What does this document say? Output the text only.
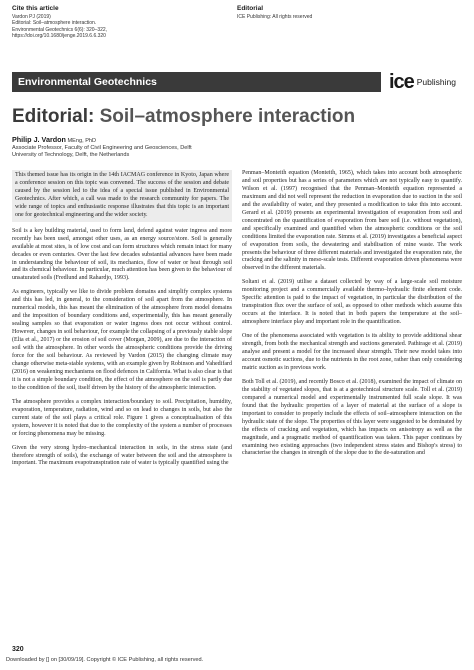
Cite this article
Vardon PJ (2019)
Editorial: Soil–atmosphere interaction.
Environmental Geotechnics 6(6): 320–322,
https://doi.org/10.1680/jenge.2019.6.6.320
Editorial
ICE Publishing: All rights reserved
Environmental Geotechnics	ice Publishing
Editorial: Soil–atmosphere interaction
Philip J. Vardon MEng, PhD
Associate Professor, Faculty of Civil Engineering and Geosciences, Delft
University of Technology, Delft, the Netherlands

This themed issue has its origin in the 14th IACMAG conference in Kyoto, Japan where a conference session on this topic was convened. The success of the session and debate caused by the session led to the idea of a special issue published in Environmental Geotechnics. After which, a call was made to the research community for papers. The wide range of topics and enthusiastic response illustrates that this topic is an important one for geotechnical engineering and the wider society.

Soil is a key building material, used to form land, defend against water ingress and more recently has been used, amongst other uses, as an energy source/store. Soil is generally available at most sites, is of low cost and can form structures which remain intact for many decades or even centuries. Over the last few decades substantial advances have been made in understanding the behaviour of soil, its mechanics, flow of water or heat through soil and its chemical behaviour. In particular, much attention has been given to the behaviour of unsaturated soils (Fredlund and Rahardjo, 1993).

As engineers, typically we like to divide problem domains and simplify complex systems and this has led, in general, to the consideration of soil apart from the atmosphere. In numerical models, this has meant the elimination of the atmosphere from model domains and the imposition of boundary conditions and, experimentally, this has meant generally sealing samples so that evaporation or water ingress does not occur without control. However, changes in soil behaviour, for example the collapsing of a previously stable slope (Elia et al., 2017) or the erosion of soil cover (Morgan, 2009), are due to the interaction of soil with the atmosphere. In other words the atmospheric conditions provide the driving force for the soil behaviour. As reviewed by Vardon (2015) the changing climate may change otherwise meta-stable systems, with an example given by Robinson and Vahedifard (2016) on weakening mechanisms on flood defences in California. What is also clear is that it is not a simple boundary condition, the effect of the atmosphere on the soil is partly due to the condition of the soil, itself driven by the history of the atmospheric interaction.

The atmosphere provides a complex interaction/boundary to soil. Precipitation, humidity, evaporation, temperature, radiation, wind and so on lead to changes in soils, but also the current state of the soil plays a critical role. Figure 1 gives a conceptualisation of this system, however it is noted that due to the complexity of the system a number of processes or forcing phenomena may be missing.

Given the very strong hydro–mechanical interaction in soils, in the stress state (and therefore strength of soils), the exchange of water between the soil and the atmosphere is important. The maximum evapotranspiration rate of water is typically quantified using the

Penman–Monteith equation (Monteith, 1965), which takes into account both atmospheric and soil properties but has a series of parameters which are not typically easy to quantify. Wilson et al. (1997) recognised that the Penman–Monteith equation represented a maximum and did not well represent the reduction in evaporation due to suction in the soil and the availability of water, and they presented a modification to take this into account. Gerard et al. (2019) presents an experimental investigation of evaporation from soil and concentrated on the quantification of evaporation from bare soil (i.e. without vegetation), and specifically examined and quantified when the atmospheric conditions or the soil conditions limited the evaporation rate. Simms et al. (2019) investigates a beneficial aspect of evaporation from soils, the dewatering and stabilisation of mine waste. The work presents the behaviour of three different materials and investigated the evaporation rate, the cracking and the salinity in meso-scale tests. Different evaporation driven phenomena were observed in the different materials.

Soltani et al. (2019) utilise a dataset collected by way of a large-scale soil moisture monitoring project and a commercially available thermo–hydraulic finite element code. Specific attention is paid to the impact of vegetation, in particular the distribution of the transpiration flux over the surface of soil, as opposed to other methods which assume this occurs at the interface. It is noted that in both papers the temperature at the soil–atmosphere interface play and important role in the quantification.

One of the phenomena associated with vegetation is its ability to provide additional shear strength, from both the mechanical strength and suctions generated. Pathirage et al. (2019) analyse and present a model for the increased shear strength. Their new model takes into account osmotic suctions, due to the nutrients in the root zone, rather than only considering matric suction as in previous work.

Both Toll et al. (2019), and recently Bosco et al. (2018), examined the impact of climate on the stability of vegetated slopes, that is at a geotechnical structure scale. Toll et al. (2019) compared a numerical model and experimentally instrumented full scale slope. It was found that the hydraulic properties of a layer of material at the surface of a slope is important to consider to properly include the effects of soil–atmosphere interaction on the hydraulic state of the slope. The properties of this layer were suggested to be dominated by the effects of cracking and vegetation, which has impacts on anisotropy as well as the magnitude, and a pragmatic method of quantification was taken. This paper continues by examining two existing approaches (two independent stress states and Bishop's stress) to characterise the changes in strength of the slope due to the de-saturation and

320
Downloaded by [] on [30/09/19]. Copyright © ICE Publishing, all rights reserved.
